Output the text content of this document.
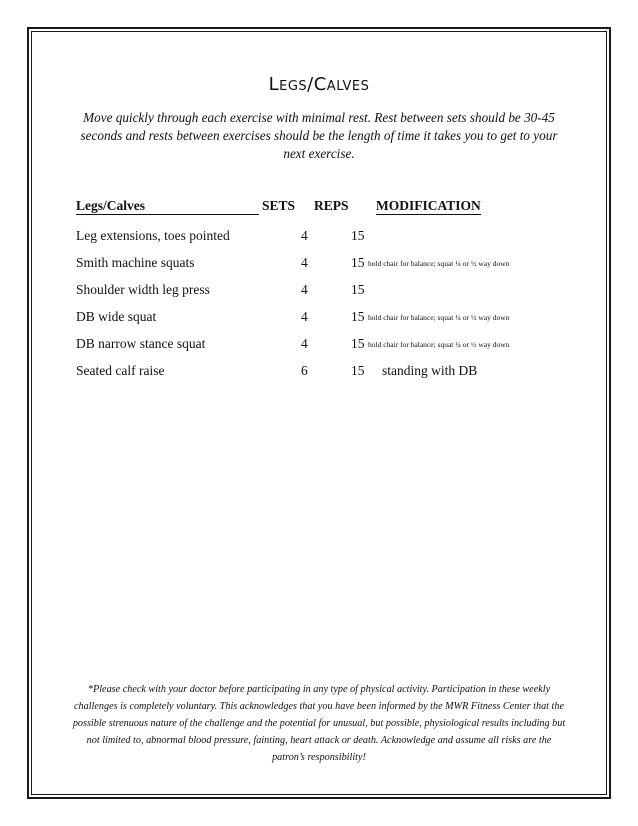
Legs/Calves
Move quickly through each exercise with minimal rest. Rest between sets should be 30-45 seconds and rests between exercises should be the length of time it takes you to get to your next exercise.
Legs/Calves	SETS REPS MODIFICATION
Leg extensions, toes pointed	4	15
Smith machine squats	4	15 hold chair for balance; squat ¼ or ½ way down
Shoulder width leg press	4	15
DB wide squat	4	15 hold chair for balance; squat ¼ or ½ way down
DB narrow stance squat	4	15 hold chair for balance; squat ¼ or ½ way down
Seated calf raise	6	15 standing with DB
*Please check with your doctor before participating in any type of physical activity. Participation in these weekly challenges is completely voluntary. This acknowledges that you have been informed by the MWR Fitness Center that the possible strenuous nature of the challenge and the potential for unusual, but possible, physiological results including but not limited to, abnormal blood pressure, fainting, heart attack or death. Acknowledge and assume all risks are the patron’s responsibility!
